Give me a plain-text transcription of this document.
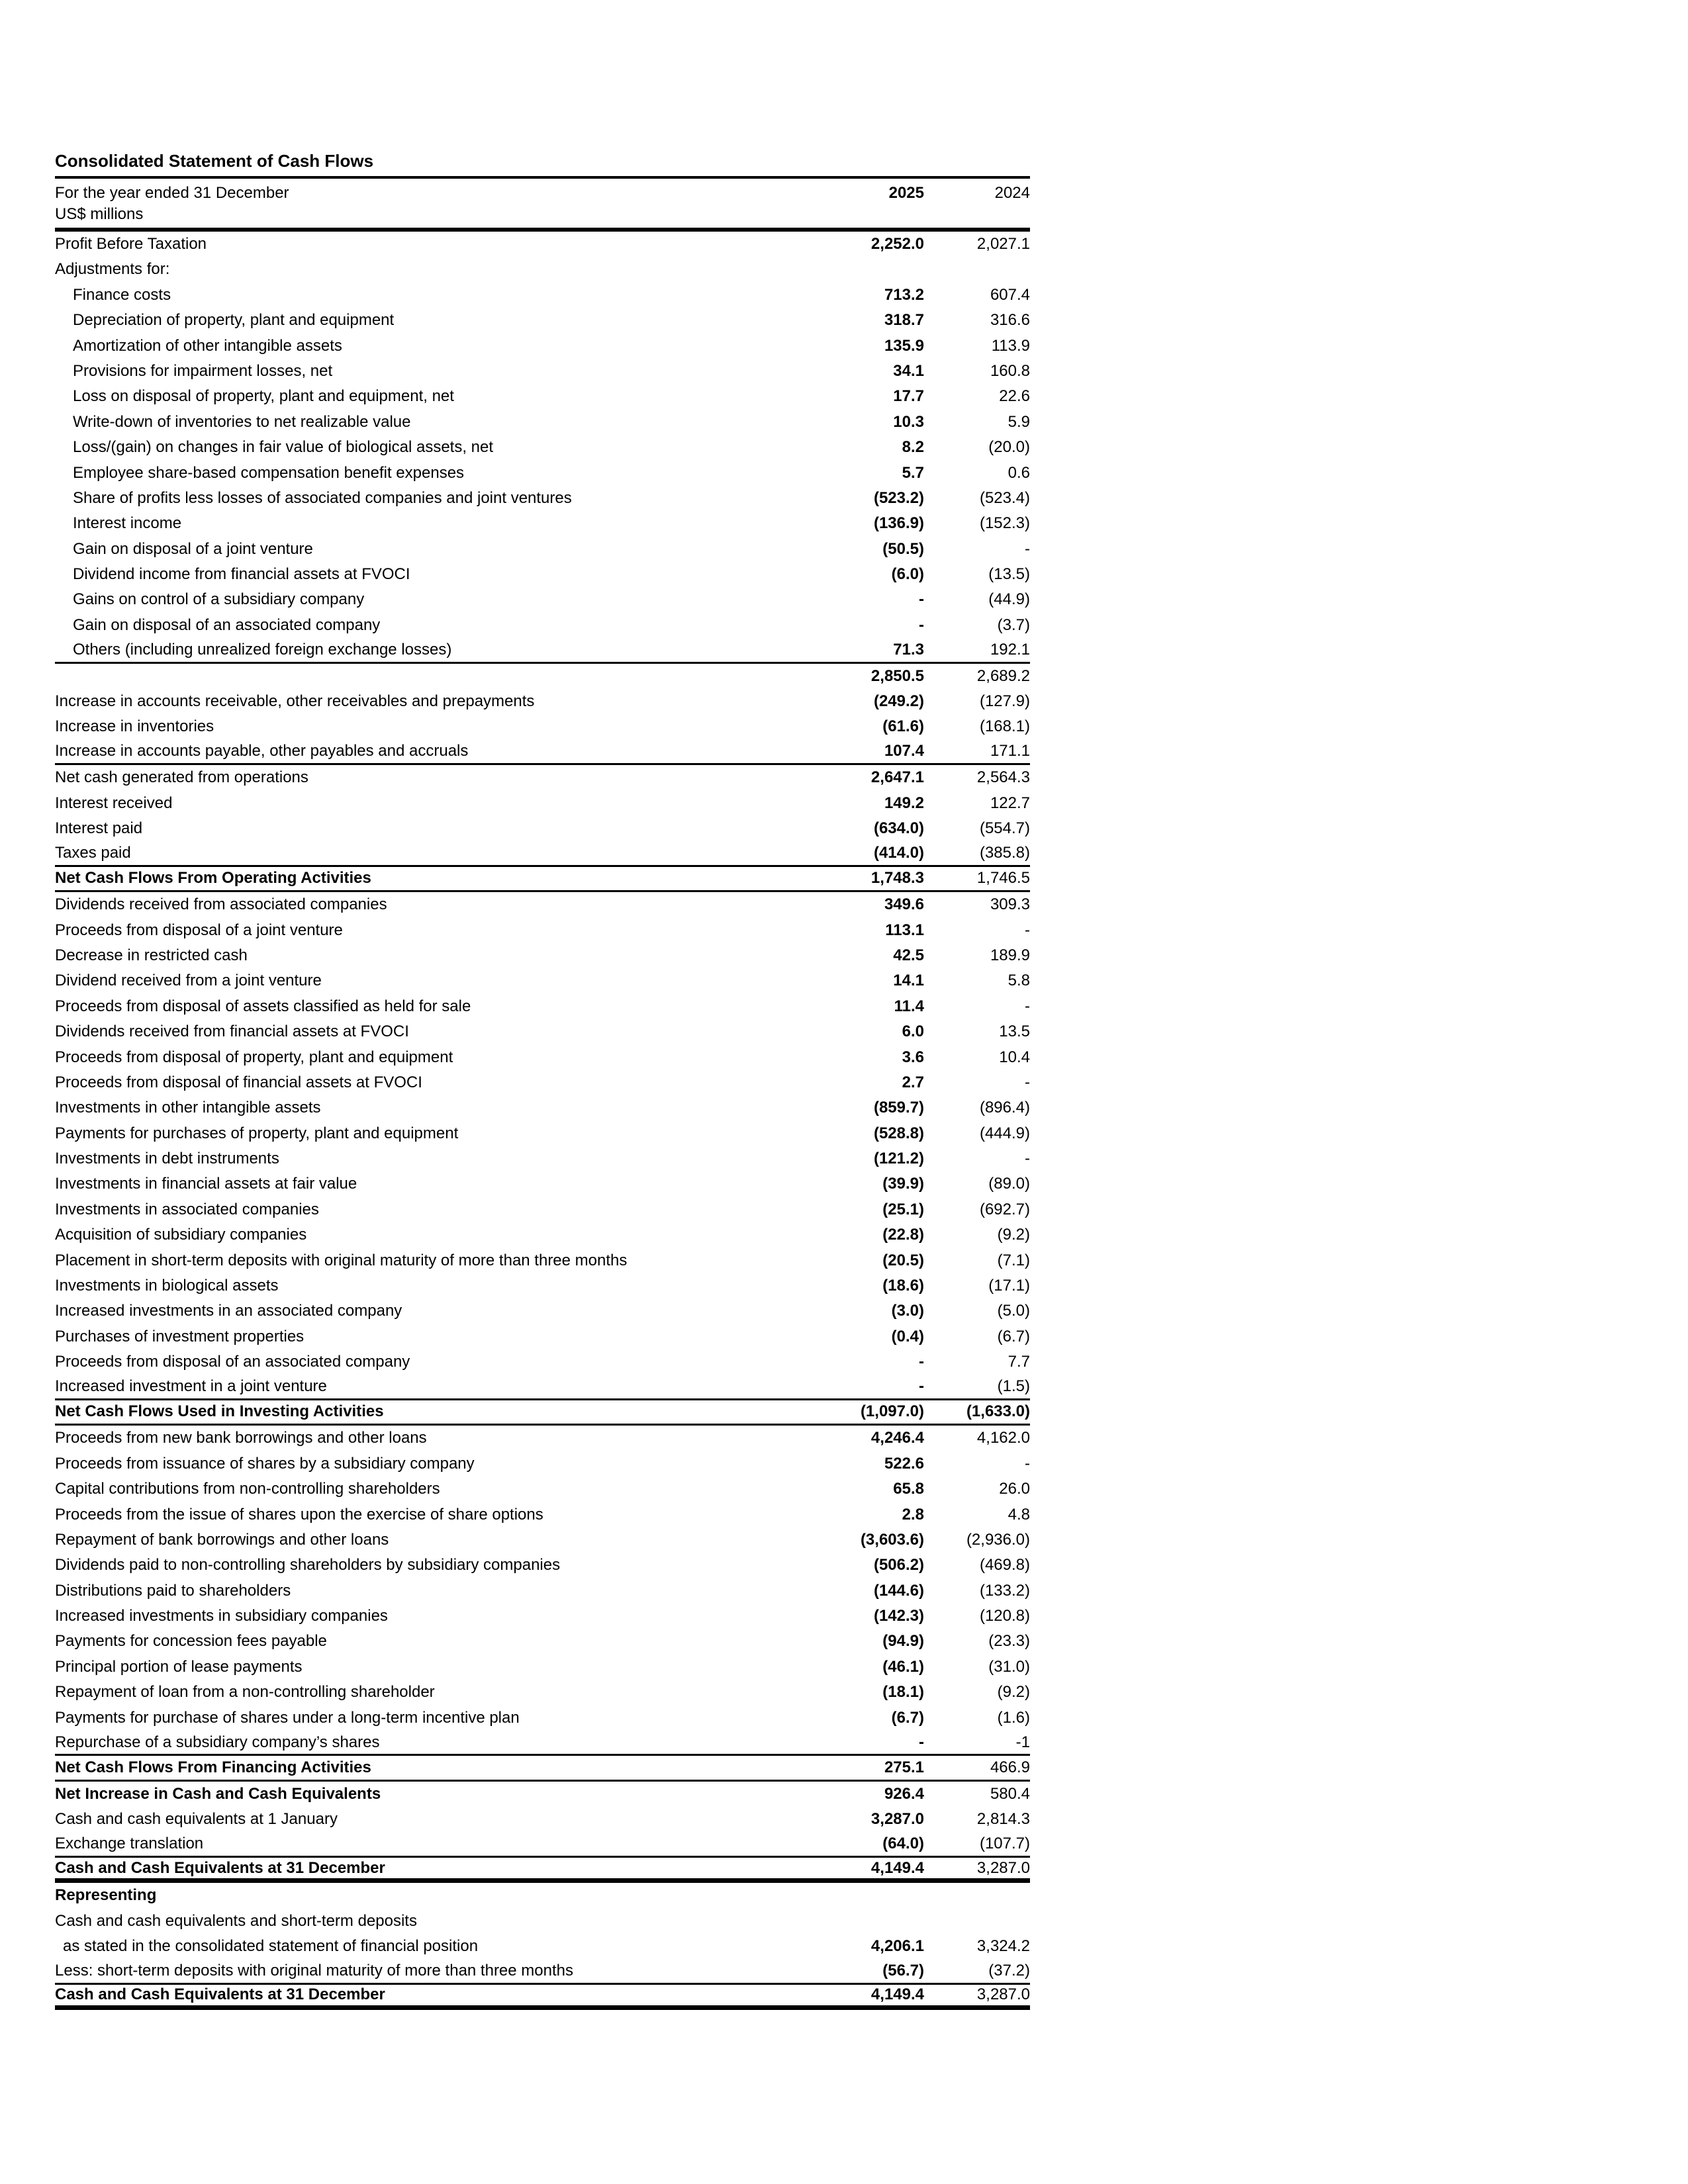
Consolidated Statement of Cash Flows
For the year ended 31 December	2025	2024
US$ millions
Profit Before Taxation	2,252.0	2,027.1
Adjustments for:
Finance costs	713.2	607.4
Depreciation of property, plant and equipment	318.7	316.6
Amortization of other intangible assets	135.9	113.9
Provisions for impairment losses, net	34.1	160.8
Loss on disposal of property, plant and equipment, net	17.7	22.6
Write-down of inventories to net realizable value	10.3	5.9
Loss/(gain) on changes in fair value of biological assets, net	8.2	(20.0)
Employee share-based compensation benefit expenses	5.7	0.6
Share of profits less losses of associated companies and joint ventures	(523.2)	(523.4)
Interest income	(136.9)	(152.3)
Gain on disposal of a joint venture	(50.5)	-
Dividend income from financial assets at FVOCI	(6.0)	(13.5)
Gains on control of a subsidiary company	-	(44.9)
Gain on disposal of an associated company	-	(3.7)
Others (including unrealized foreign exchange losses)	71.3	192.1
2,850.5	2,689.2
Increase in accounts receivable, other receivables and prepayments	(249.2)	(127.9)
Increase in inventories	(61.6)	(168.1)
Increase in accounts payable, other payables and accruals	107.4	171.1
Net cash generated from operations	2,647.1	2,564.3
Interest received	149.2	122.7
Interest paid	(634.0)	(554.7)
Taxes paid	(414.0)	(385.8)
Net Cash Flows From Operating Activities	1,748.3	1,746.5
Dividends received from associated companies	349.6	309.3
Proceeds from disposal of a joint venture	113.1	-
Decrease in restricted cash	42.5	189.9
Dividend received from a joint venture	14.1	5.8
Proceeds from disposal of assets classified as held for sale	11.4	-
Dividends received from financial assets at FVOCI	6.0	13.5
Proceeds from disposal of property, plant and equipment	3.6	10.4
Proceeds from disposal of financial assets at FVOCI	2.7	-
Investments in other intangible assets	(859.7)	(896.4)
Payments for purchases of property, plant and equipment	(528.8)	(444.9)
Investments in debt instruments	(121.2)	-
Investments in financial assets at fair value	(39.9)	(89.0)
Investments in associated companies	(25.1)	(692.7)
Acquisition of subsidiary companies	(22.8)	(9.2)
Placement in short-term deposits with original maturity of more than three months	(20.5)	(7.1)
Investments in biological assets	(18.6)	(17.1)
Increased investments in an associated company	(3.0)	(5.0)
Purchases of investment properties	(0.4)	(6.7)
Proceeds from disposal of an associated company	-	7.7
Increased investment in a joint venture	-	(1.5)
Net Cash Flows Used in Investing Activities	(1,097.0)	(1,633.0)
Proceeds from new bank borrowings and other loans	4,246.4	4,162.0
Proceeds from issuance of shares by a subsidiary company	522.6	-
Capital contributions from non-controlling shareholders	65.8	26.0
Proceeds from the issue of shares upon the exercise of share options	2.8	4.8
Repayment of bank borrowings and other loans	(3,603.6)	(2,936.0)
Dividends paid to non-controlling shareholders by subsidiary companies	(506.2)	(469.8)
Distributions paid to shareholders	(144.6)	(133.2)
Increased investments in subsidiary companies	(142.3)	(120.8)
Payments for concession fees payable	(94.9)	(23.3)
Principal portion of lease payments	(46.1)	(31.0)
Repayment of loan from a non-controlling shareholder	(18.1)	(9.2)
Payments for purchase of shares under a long-term incentive plan	(6.7)	(1.6)
Repurchase of a subsidiary company’s shares	-	-1
Net Cash Flows From Financing Activities	275.1	466.9
Net Increase in Cash and Cash Equivalents	926.4	580.4
Cash and cash equivalents at 1 January	3,287.0	2,814.3
Exchange translation	(64.0)	(107.7)
Cash and Cash Equivalents at 31 December	4,149.4	3,287.0
Representing
Cash and cash equivalents and short-term deposits
as stated in the consolidated statement of financial position	4,206.1	3,324.2
Less: short-term deposits with original maturity of more than three months	(56.7)	(37.2)
Cash and Cash Equivalents at 31 December	4,149.4	3,287.0
